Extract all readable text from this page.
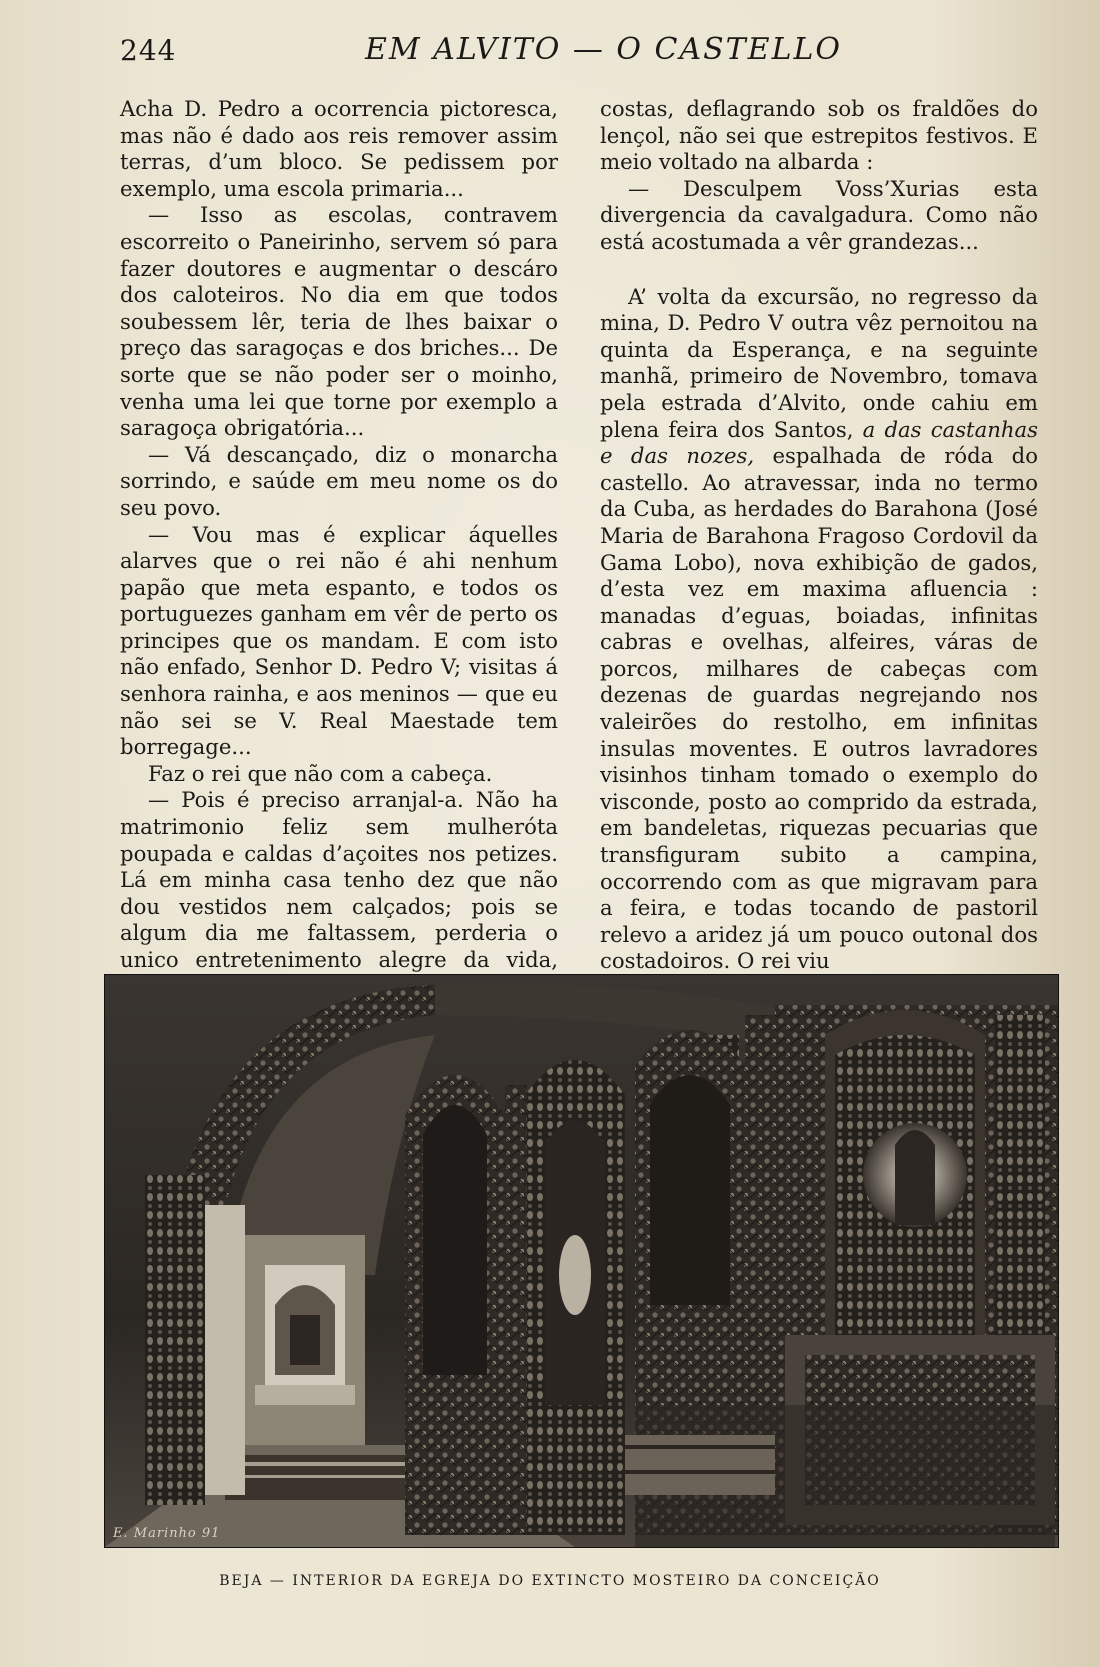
244	EM ALVITO — O CASTELLO

Acha D. Pedro a ocorrencia pictoresca, mas não é dado aos reis remover assim terras, d’um bloco. Se pedissem por exemplo, uma escola primaria...

— Isso as escolas, contravem escorreito o Paneirinho, servem só para fazer doutores e augmentar o descáro dos caloteiros. No dia em que todos soubessem lêr, teria de lhes baixar o preço das saragoças e dos briches... De sorte que se não poder ser o moinho, venha uma lei que torne por exemplo a saragoça obrigatória...

— Vá descançado, diz o monarcha sorrindo, e saúde em meu nome os do seu povo.

— Vou mas é explicar áquelles alarves que o rei não é ahi nenhum papão que meta espanto, e todos os portuguezes ganham em vêr de perto os principes que os mandam. E com isto não enfado, Senhor D. Pedro V; visitas á senhora rainha, e aos meninos — que eu não sei se V. Real Maestade tem borregage...

Faz o rei que não com a cabeça.

— Pois é preciso arranjal-a. Não ha matrimonio feliz sem mulheróta poupada e caldas d’açoites nos petizes. Lá em minha casa tenho dez que não dou vestidos nem calçados; pois se algum dia me faltassem, perderia o unico entretenimento alegre da vida,

costas, deflagrando sob os fraldões do lençol, não sei que estrepitos festivos. E meio voltado na albarda :

— Desculpem Voss’Xurias esta divergencia da cavalgadura. Como não está acostumada a vêr grandezas...

A’ volta da excursão, no regresso da mina, D. Pedro V outra vêz pernoitou na quinta da Esperança, e na seguinte manhã, primeiro de Novembro, tomava pela estrada d’Alvito, onde cahiu em plena feira dos Santos, a das castanhas e das nozes, espalhada de róda do castello. Ao atravessar, inda no termo da Cuba, as herdades do Barahona (José Maria de Barahona Fragoso Cordovil da Gama Lobo), nova exhibição de gados, d’esta vez em maxima afluencia : manadas d’eguas, boiadas, infinitas cabras e ovelhas, alfeires, váras de porcos, milhares de cabeças com dezenas de guardas negrejando nos valeirões do restolho, em infinitas insulas moventes. E outros lavradores visinhos tinham tomado o exemplo do visconde, posto ao comprido da estrada, em bandeletas, riquezas pecuarias que transfiguram subito a campina, occorrendo com as que migravam para a feira, e todas tocando de pastoril relevo a aridez já um pouco outonal dos costadoiros. O rei viu

E. Marinho 91
BEJA — INTERIOR DA EGREJA DO EXTINCTO MOSTEIRO DA CONCEIÇÃO
